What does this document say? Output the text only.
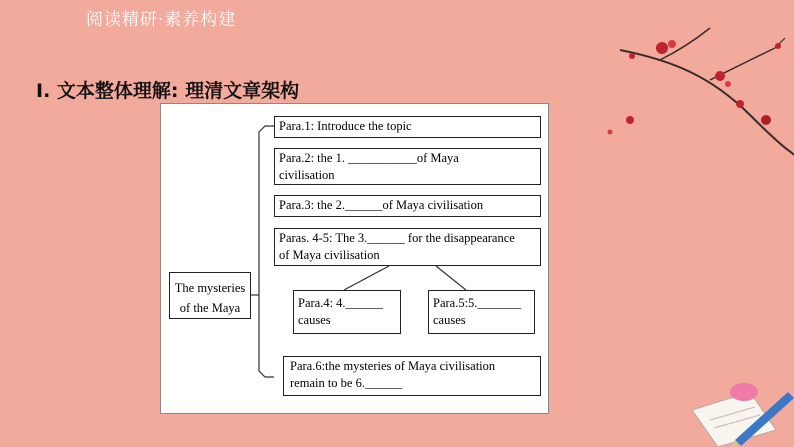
阅读精研·素养构建
Ⅰ. 文本整体理解: 理清文章架构
The mysteries
of the Maya
Para.1: Introduce the topic
Para.2: the 1. ___________of Maya
civilisation
Para.3: the 2.______of Maya civilisation
Paras. 4-5: The 3.______ for the disappearance
of Maya civilisation
Para.4: 4.______
causes
Para.5:5._______
causes
Para.6:the mysteries of Maya civilisation
remain to be 6.______
